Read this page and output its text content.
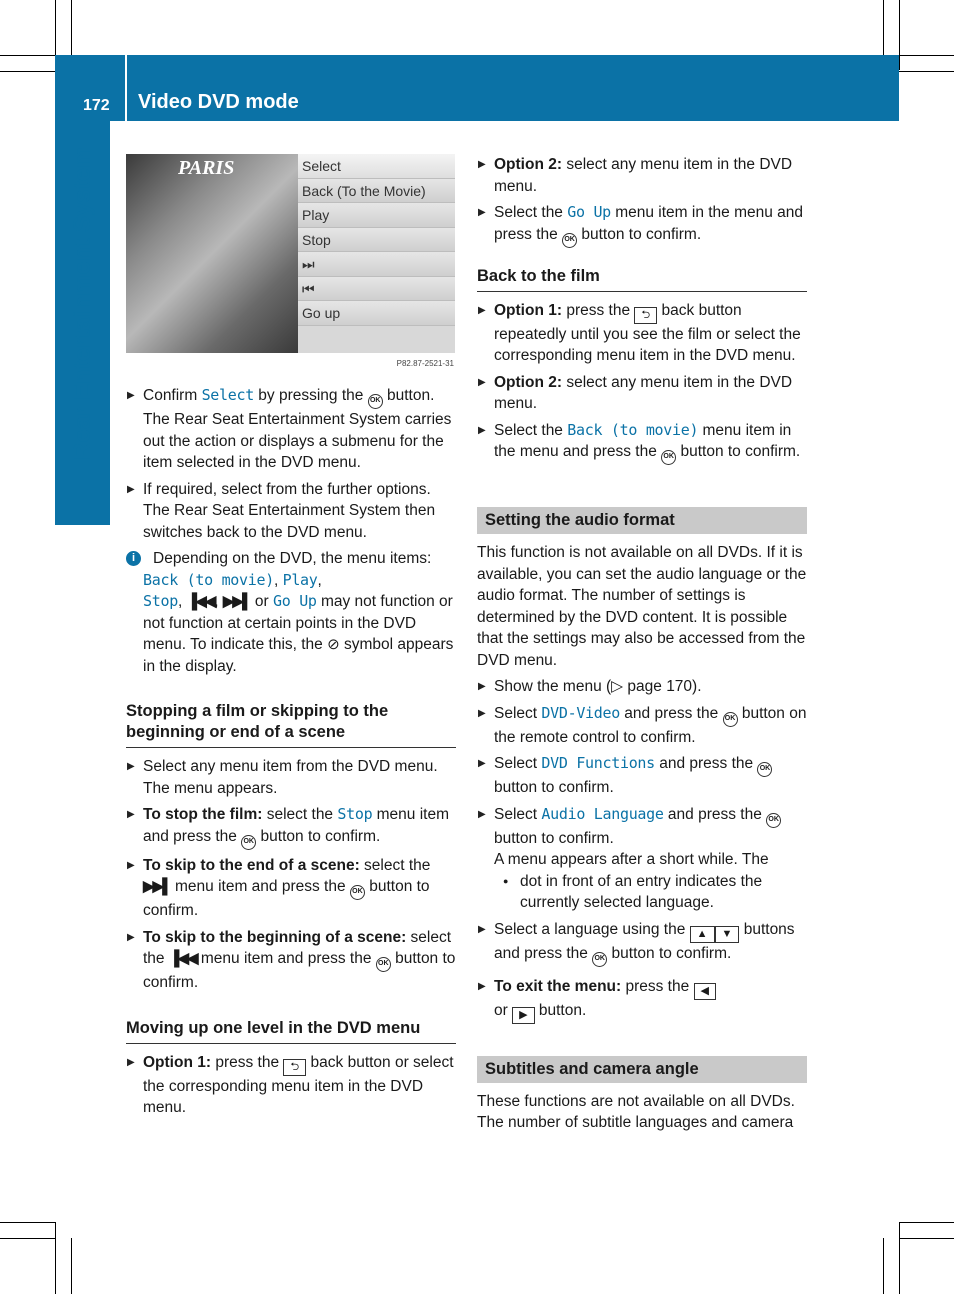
172 Video DVD mode
Rear Entertainment System	PARIS	Select
Back (To the Movie)
Play
Stop
⏭
⏮
Go up
P82.87-2521-31
▶ Confirm Select by pressing the OK button. The Rear Seat Entertainment System carries out the action or displays a submenu for the item selected in the DVD menu.
▶ If required, select from the further options. The Rear Seat Entertainment System then switches back to the DVD menu.
i	Depending on the DVD, the menu items:
Back (to movie), Play,
Stop, ▐◀◀, ▶▶▌ or Go Up may not function or not function at certain points in the DVD menu. To indicate this, the ⊘ symbol appears in the display.
Stopping a film or skipping to the beginning or end of a scene
▶ Select any menu item from the DVD menu. The menu appears.
▶ To stop the film: select the Stop menu item and press the OK button to confirm.
▶ To skip to the end of a scene: select the ▶▶▌ menu item and press the OK button to confirm.
▶ To skip to the beginning of a scene: select the ▐◀◀ menu item and press the OK button to confirm.
Moving up one level in the DVD menu
▶ Option 1: press the ⮌ back button or select the corresponding menu item in the DVD menu.
▶ Option 2: select any menu item in the DVD menu.
▶ Select the Go Up menu item in the menu and press the OK button to confirm.
Back to the film
▶ Option 1: press the ⮌ back button repeatedly until you see the film or select the corresponding menu item in the DVD menu.
▶ Option 2: select any menu item in the DVD menu.
▶ Select the Back (to movie) menu item in the menu and press the OK button to confirm.
Setting the audio format

This function is not available on all DVDs. If it is available, you can set the audio language or the audio format. The number of settings is determined by the DVD content. It is possible that the settings may also be accessed from the DVD menu.

▶ Show the menu (▷ page 170).
▶ Select DVD-Video and press the OK button on the remote control to confirm.
▶ Select DVD Functions and press the OK button to confirm.
▶ Select Audio Language and press the OK button to confirm.
A menu appears after a short while. The
● dot in front of an entry indicates the currently selected language.
▶ Select a language using the ▲ ▼ buttons and press the OK button to confirm.
▶ To exit the menu: press the ◀
or ▶ button.
Subtitles and camera angle

These functions are not available on all DVDs. The number of subtitle languages and camera
